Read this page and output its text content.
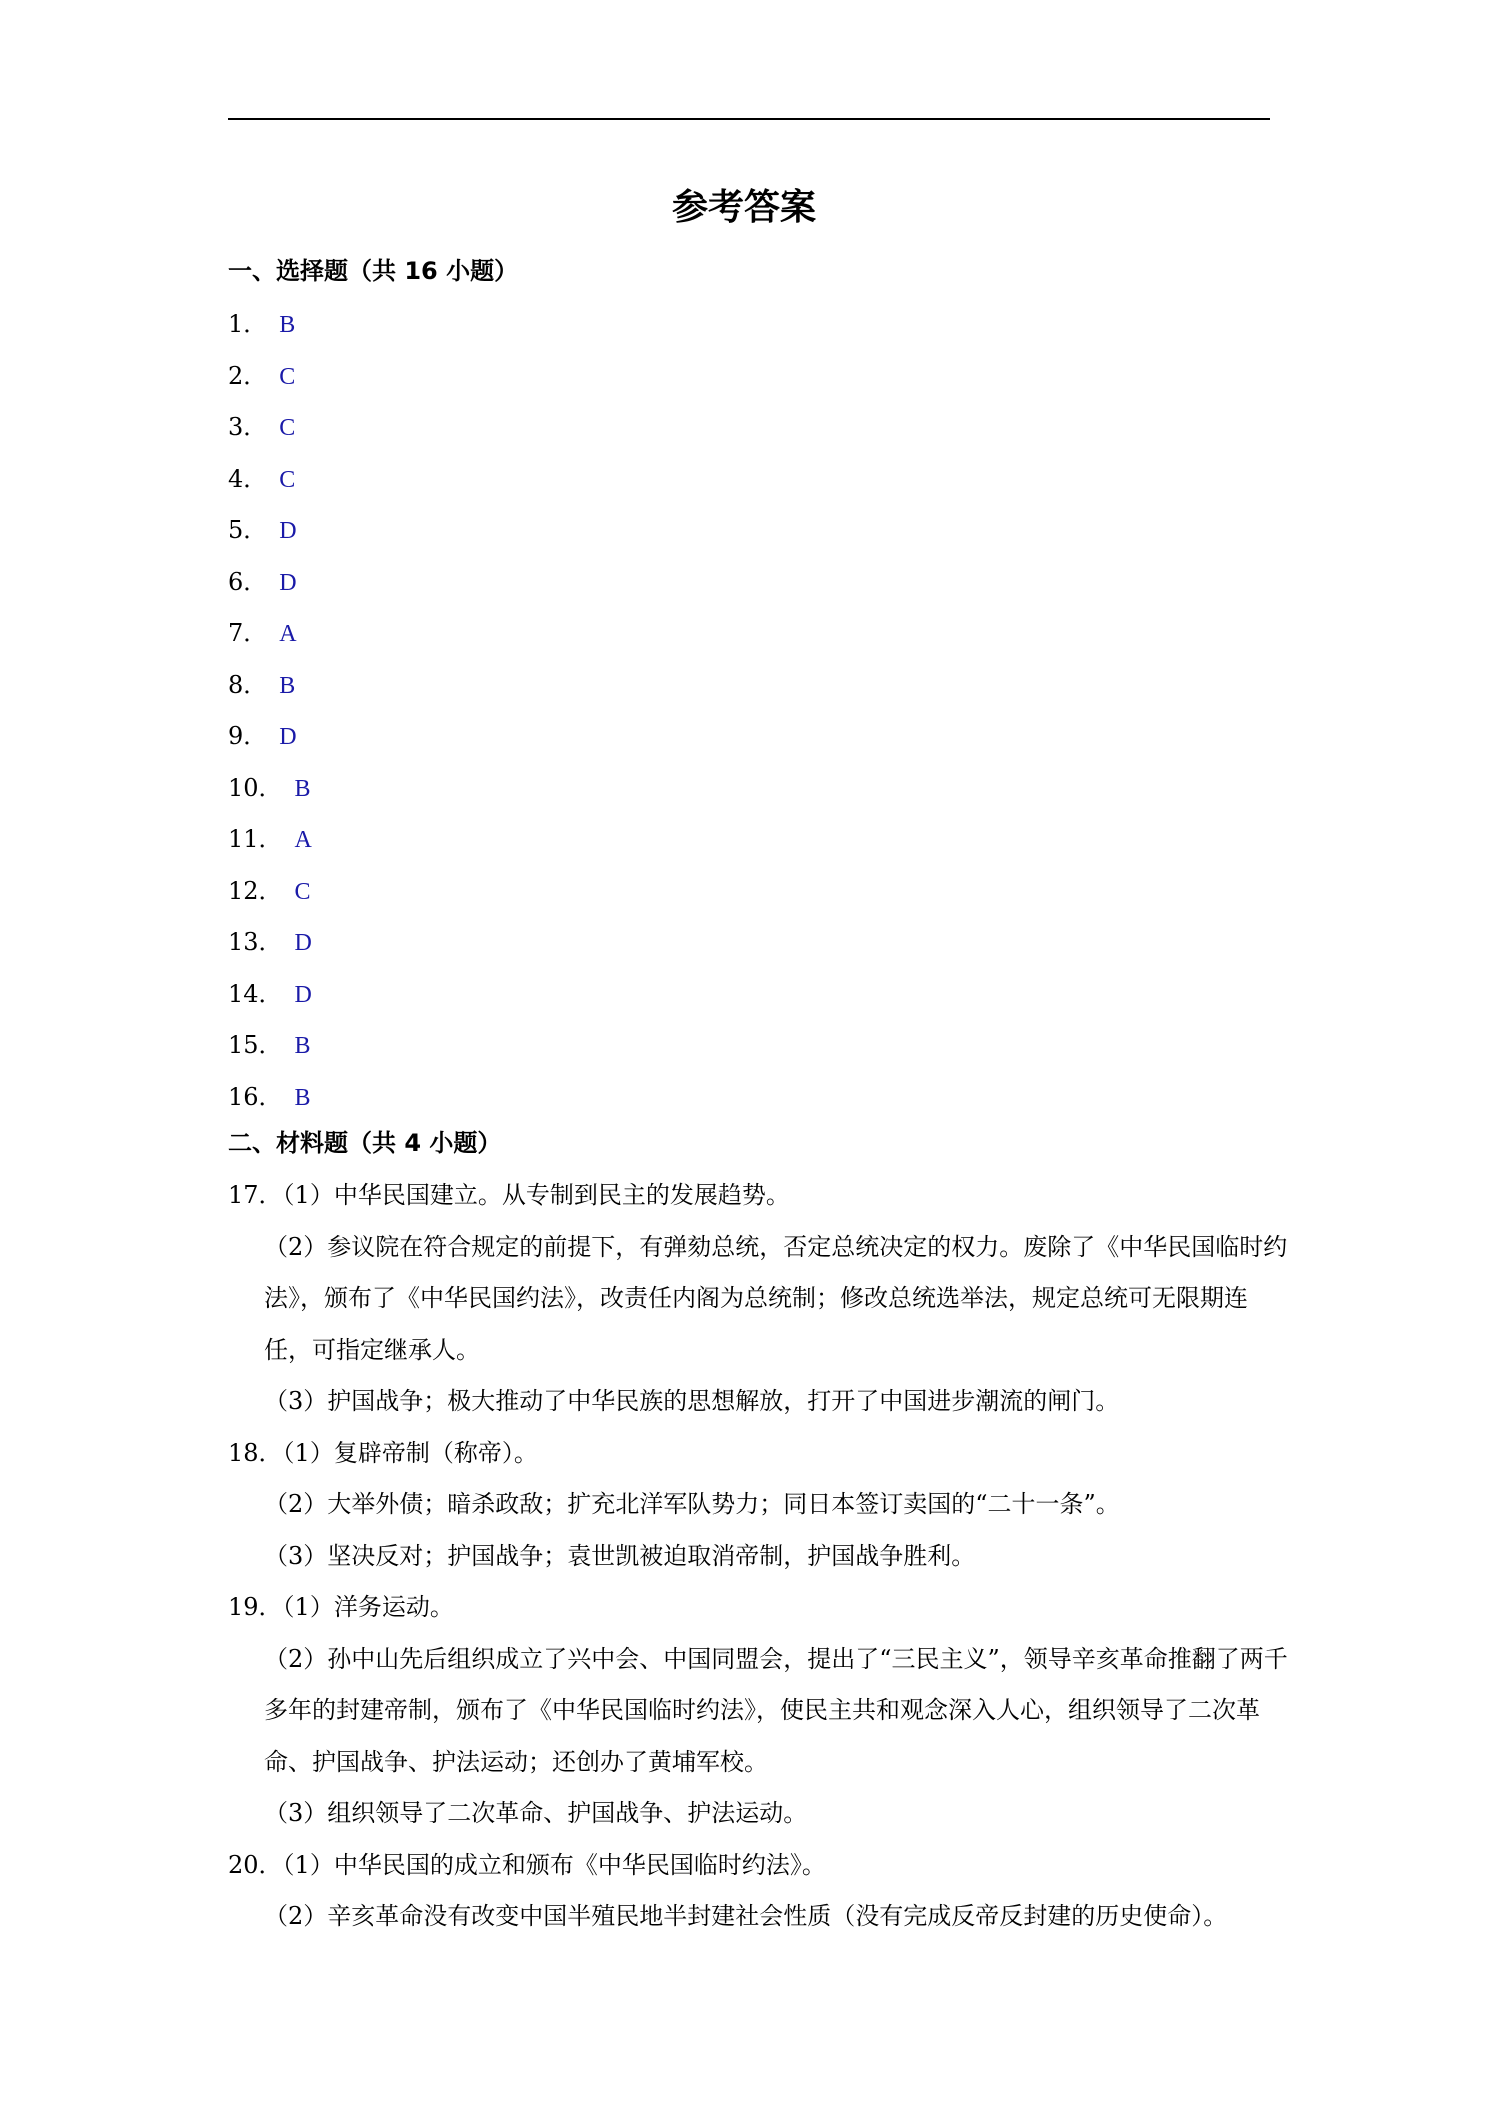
参考答案
一、选择题（共 16 小题）
1． B
2． C
3． C
4． C
5． D
6． D
7． A
8． B
9． D
10． B
11． A
12． C
13． D
14． D
15． B
16． B
二、材料题（共 4 小题）
17．（1）中华民国建立。从专制到民主的发展趋势。
（2）参议院在符合规定的前提下，有弹劾总统，否定总统决定的权力。废除了《中华民国临时约法》，颁布了《中华民国约法》，改责任内阁为总统制；修改总统选举法，规定总统可无限期连任，可指定继承人。
（3）护国战争；极大推动了中华民族的思想解放，打开了中国进步潮流的闸门。
18．（1）复辟帝制（称帝）。
（2）大举外债；暗杀政敌；扩充北洋军队势力；同日本签订卖国的“二十一条”。
（3）坚决反对；护国战争；袁世凯被迫取消帝制，护国战争胜利。
19．（1）洋务运动。
（2）孙中山先后组织成立了兴中会、中国同盟会，提出了“三民主义”，领导辛亥革命推翻了两千多年的封建帝制，颁布了《中华民国临时约法》，使民主共和观念深入人心，组织领导了二次革命、护国战争、护法运动；还创办了黄埔军校。
（3）组织领导了二次革命、护国战争、护法运动。
20．（1）中华民国的成立和颁布《中华民国临时约法》。
（2）辛亥革命没有改变中国半殖民地半封建社会性质（没有完成反帝反封建的历史使命）。
